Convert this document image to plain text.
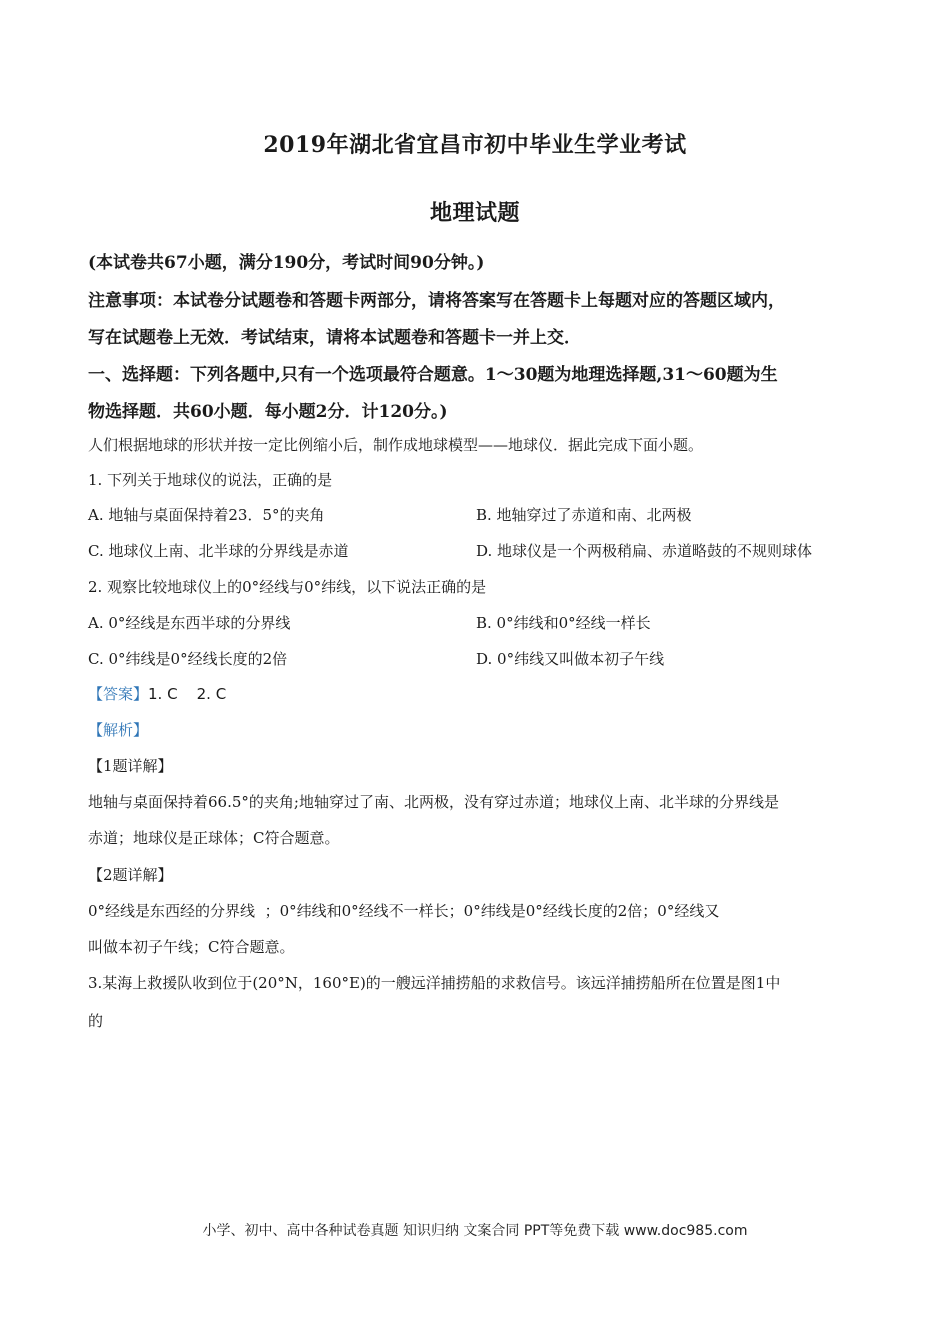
2019年湖北省宜昌市初中毕业生学业考试
地理试题
(本试卷共67小题，满分190分，考试时间90分钟。)
注意事项：本试卷分试题卷和答题卡两部分，请将答案写在答题卡上每题对应的答题区域内，
写在试题卷上无效．考试结束，请将本试题卷和答题卡一并上交．
一、选择题：下列各题中,只有一个选项最符合题意。1～30题为地理选择题,31～60题为生
物选择题．共60小题．每小题2分．计120分。)
人们根据地球的形状并按一定比例缩小后，制作成地球模型——地球仪．据此完成下面小题。
1. 下列关于地球仪的说法，正确的是
A. 地轴与桌面保持着23．5°的夹角	B. 地轴穿过了赤道和南、北两极
C. 地球仪上南、北半球的分界线是赤道	D. 地球仪是一个两极稍扁、赤道略鼓的不规则球体
2. 观察比较地球仪上的0°经线与0°纬线，以下说法正确的是
A. 0°经线是东西半球的分界线	B. 0°纬线和0°经线一样长
C. 0°纬线是0°经线长度的2倍	D. 0°纬线又叫做本初子午线
【答案】1. C    2. C
【解析】
【1题详解】
地轴与桌面保持着66.5°的夹角;地轴穿过了南、北两极，没有穿过赤道；地球仪上南、北半球的分界线是
赤道；地球仪是正球体；C符合题意。
【2题详解】
0°经线是东西经的分界线  ；0°纬线和0°经线不一样长；0°纬线是0°经线长度的2倍；0°经线又
叫做本初子午线；C符合题意。
3.某海上救援队收到位于(20°N，160°E)的一艘远洋捕捞船的求救信号。该远洋捕捞船所在位置是图1中
的
小学、初中、高中各种试卷真题 知识归纳 文案合同 PPT等免费下载 www.doc985.com
